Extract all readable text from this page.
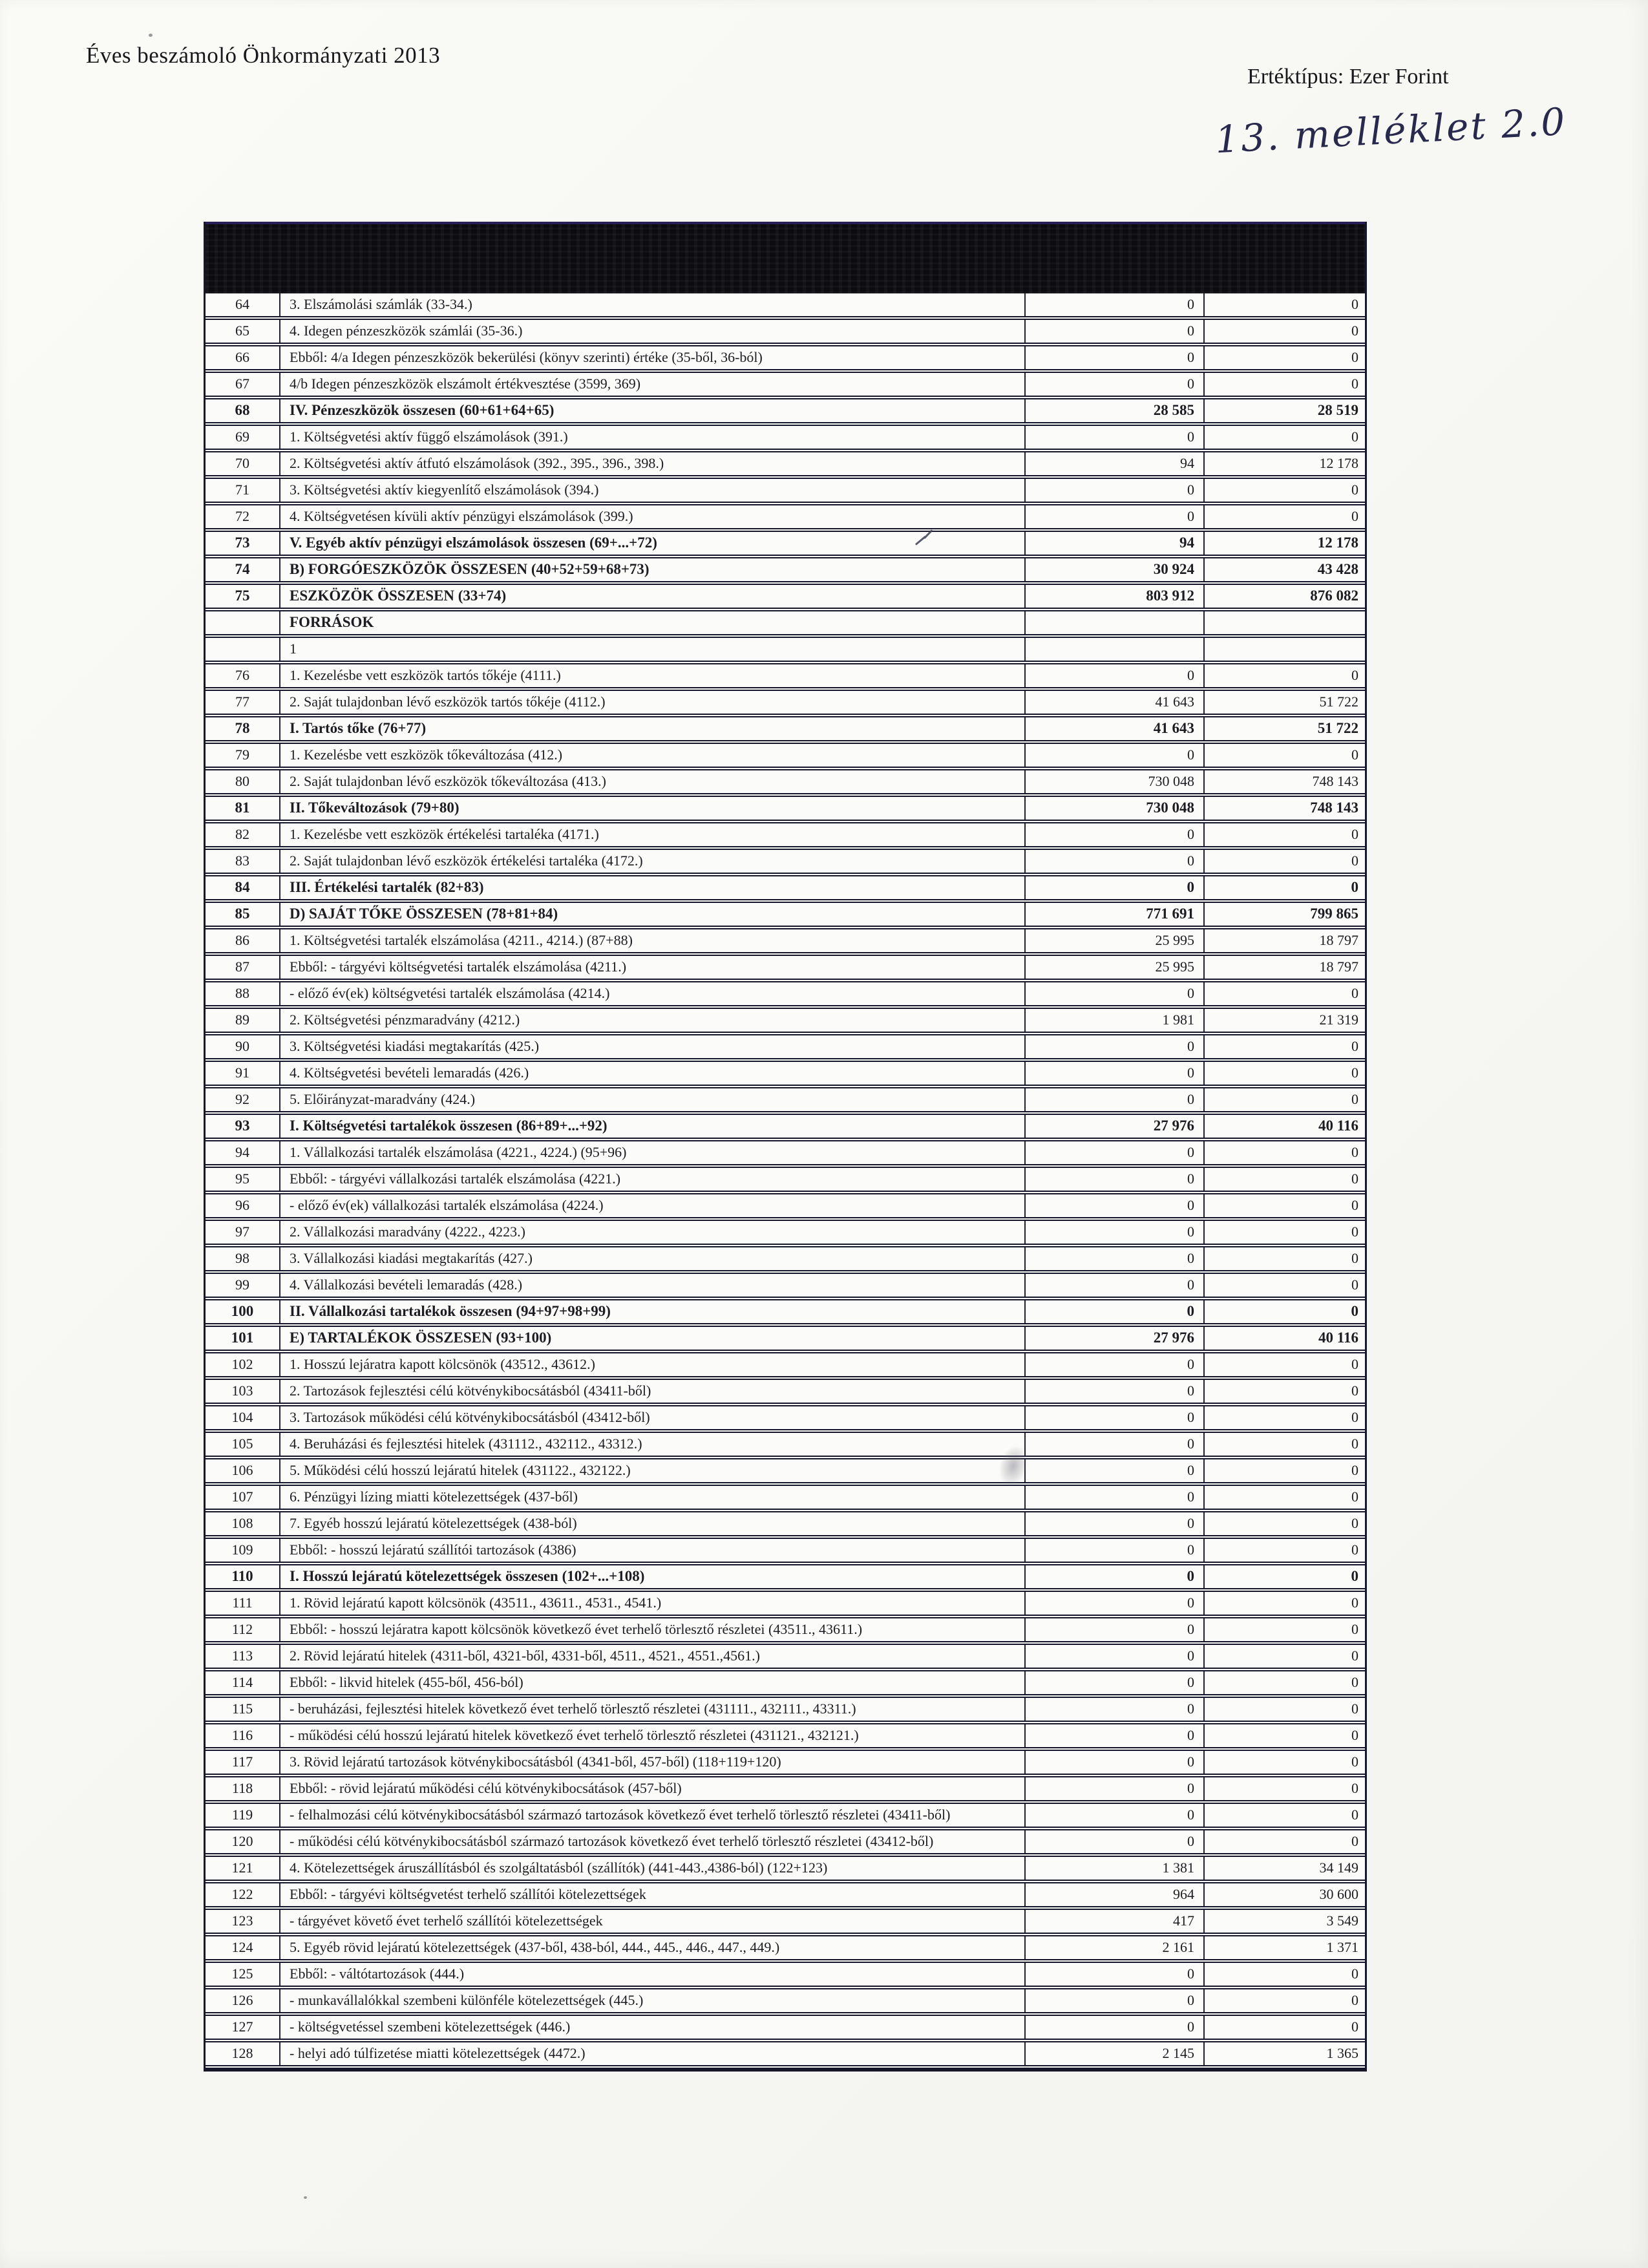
Éves beszámoló Önkormányzati 2013
Ertéktípus: Ezer Forint
13. melléklet 2.0
64	3. Elszámolási számlák (33-34.)	0	0
65	4. Idegen pénzeszközök számlái (35-36.)	0	0
66	Ebből: 4/a Idegen pénzeszközök bekerülési (könyv szerinti) értéke (35-ből, 36-ból)	0	0
67	4/b Idegen pénzeszközök elszámolt értékvesztése (3599, 369)	0	0
68	IV. Pénzeszközök összesen (60+61+64+65)	28 585	28 519
69	1. Költségvetési aktív függő elszámolások (391.)	0	0
70	2. Költségvetési aktív átfutó elszámolások (392., 395., 396., 398.)	94	12 178
71	3. Költségvetési aktív kiegyenlítő elszámolások (394.)	0	0
72	4. Költségvetésen kívüli aktív pénzügyi elszámolások (399.)	0	0
73	V. Egyéb aktív pénzügyi elszámolások összesen (69+...+72)	94	12 178
74	B) FORGÓESZKÖZÖK ÖSSZESEN (40+52+59+68+73)	30 924	43 428
75	ESZKÖZÖK ÖSSZESEN (33+74)	803 912	876 082
FORRÁSOK
1
76	1. Kezelésbe vett eszközök tartós tőkéje (4111.)	0	0
77	2. Saját tulajdonban lévő eszközök tartós tőkéje (4112.)	41 643	51 722
78	I. Tartós tőke (76+77)	41 643	51 722
79	1. Kezelésbe vett eszközök tőkeváltozása (412.)	0	0
80	2. Saját tulajdonban lévő eszközök tőkeváltozása (413.)	730 048	748 143
81	II. Tőkeváltozások (79+80)	730 048	748 143
82	1. Kezelésbe vett eszközök értékelési tartaléka (4171.)	0	0
83	2. Saját tulajdonban lévő eszközök értékelési tartaléka (4172.)	0	0
84	III. Értékelési tartalék (82+83)	0	0
85	D) SAJÁT TŐKE ÖSSZESEN (78+81+84)	771 691	799 865
86	1. Költségvetési tartalék elszámolása (4211., 4214.) (87+88)	25 995	18 797
87	Ebből: - tárgyévi költségvetési tartalék elszámolása (4211.)	25 995	18 797
88	- előző év(ek) költségvetési tartalék elszámolása (4214.)	0	0
89	2. Költségvetési pénzmaradvány (4212.)	1 981	21 319
90	3. Költségvetési kiadási megtakarítás (425.)	0	0
91	4. Költségvetési bevételi lemaradás (426.)	0	0
92	5. Előirányzat-maradvány (424.)	0	0
93	I. Költségvetési tartalékok összesen (86+89+...+92)	27 976	40 116
94	1. Vállalkozási tartalék elszámolása (4221., 4224.) (95+96)	0	0
95	Ebből: - tárgyévi vállalkozási tartalék elszámolása (4221.)	0	0
96	- előző év(ek) vállalkozási tartalék elszámolása (4224.)	0	0
97	2. Vállalkozási maradvány (4222., 4223.)	0	0
98	3. Vállalkozási kiadási megtakarítás (427.)	0	0
99	4. Vállalkozási bevételi lemaradás (428.)	0	0
100	II. Vállalkozási tartalékok összesen (94+97+98+99)	0	0
101	E) TARTALÉKOK ÖSSZESEN (93+100)	27 976	40 116
102	1. Hosszú lejáratra kapott kölcsönök (43512., 43612.)	0	0
103	2. Tartozások fejlesztési célú kötvénykibocsátásból (43411-ből)	0	0
104	3. Tartozások működési célú kötvénykibocsátásból (43412-ből)	0	0
105	4. Beruházási és fejlesztési hitelek (431112., 432112., 43312.)	0	0
106	5. Működési célú hosszú lejáratú hitelek (431122., 432122.)	0	0
107	6. Pénzügyi lízing miatti kötelezettségek (437-ből)	0	0
108	7. Egyéb hosszú lejáratú kötelezettségek (438-ból)	0	0
109	Ebből: - hosszú lejáratú szállítói tartozások (4386)	0	0
110	I. Hosszú lejáratú kötelezettségek összesen (102+...+108)	0	0
111	1. Rövid lejáratú kapott kölcsönök (43511., 43611., 4531., 4541.)	0	0
112	Ebből: - hosszú lejáratra kapott kölcsönök következő évet terhelő törlesztő részletei (43511., 43611.)	0	0
113	2. Rövid lejáratú hitelek (4311-ből, 4321-ből, 4331-ből, 4511., 4521., 4551.,4561.)	0	0
114	Ebből: - likvid hitelek (455-ből, 456-ból)	0	0
115	- beruházási, fejlesztési hitelek következő évet terhelő törlesztő részletei (431111., 432111., 43311.)	0	0
116	- működési célú hosszú lejáratú hitelek következő évet terhelő törlesztő részletei (431121., 432121.)	0	0
117	3. Rövid lejáratú tartozások kötvénykibocsátásból (4341-ből, 457-ből) (118+119+120)	0	0
118	Ebből: - rövid lejáratú működési célú kötvénykibocsátások (457-ből)	0	0
119	- felhalmozási célú kötvénykibocsátásból származó tartozások következő évet terhelő törlesztő részletei (43411-ből)	0	0
120	- működési célú kötvénykibocsátásból származó tartozások következő évet terhelő törlesztő részletei (43412-ből)	0	0
121	4. Kötelezettségek áruszállításból és szolgáltatásból (szállítók) (441-443.,4386-ból) (122+123)	1 381	34 149
122	Ebből: - tárgyévi költségvetést terhelő szállítói kötelezettségek	964	30 600
123	- tárgyévet követő évet terhelő szállítói kötelezettségek	417	3 549
124	5. Egyéb rövid lejáratú kötelezettségek (437-ből, 438-ból, 444., 445., 446., 447., 449.)	2 161	1 371
125	Ebből: - váltótartozások (444.)	0	0
126	- munkavállalókkal szembeni különféle kötelezettségek (445.)	0	0
127	- költségvetéssel szembeni kötelezettségek (446.)	0	0
128	- helyi adó túlfizetése miatti kötelezettségek (4472.)	2 145	1 365
